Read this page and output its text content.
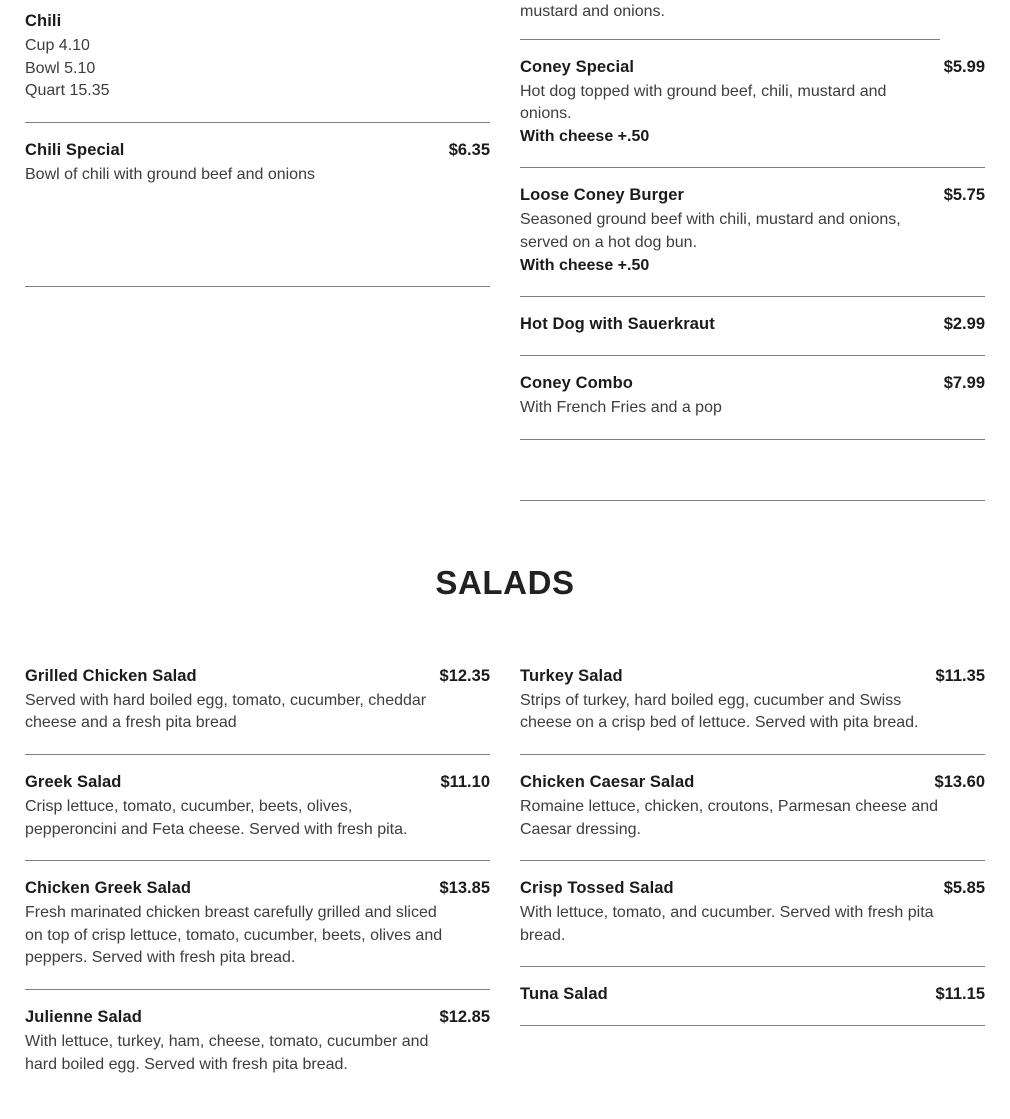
Chili
Cup 4.10
Bowl 5.10
Quart 15.35
Chili Special	$6.35

Bowl of chili with ground beef and onions

mustard and onions.
Coney Special	$5.99

Hot dog topped with ground beef, chili, mustard and onions.

With cheese +.50

Loose Coney Burger	$5.75

Seasoned ground beef with chili, mustard and onions, served on a hot dog bun.

With cheese +.50

Hot Dog with Sauerkraut	$2.99
Coney Combo	$7.99

With French Fries and a pop

SALADS
Grilled Chicken Salad	$12.35

Served with hard boiled egg, tomato, cucumber, cheddar cheese and a fresh pita bread

Greek Salad	$11.10

Crisp lettuce, tomato, cucumber, beets, olives, pepperoncini and Feta cheese. Served with fresh pita.

Chicken Greek Salad	$13.85

Fresh marinated chicken breast carefully grilled and sliced on top of crisp lettuce, tomato, cucumber, beets, olives and peppers. Served with fresh pita bread.

Julienne Salad	$12.85

With lettuce, turkey, ham, cheese, tomato, cucumber and hard boiled egg. Served with fresh pita bread.

Turkey Salad	$11.35

Strips of turkey, hard boiled egg, cucumber and Swiss cheese on a crisp bed of lettuce. Served with pita bread.

Chicken Caesar Salad	$13.60

Romaine lettuce, chicken, croutons, Parmesan cheese and Caesar dressing.

Crisp Tossed Salad	$5.85

With lettuce, tomato, and cucumber. Served with fresh pita bread.

Tuna Salad	$11.15
